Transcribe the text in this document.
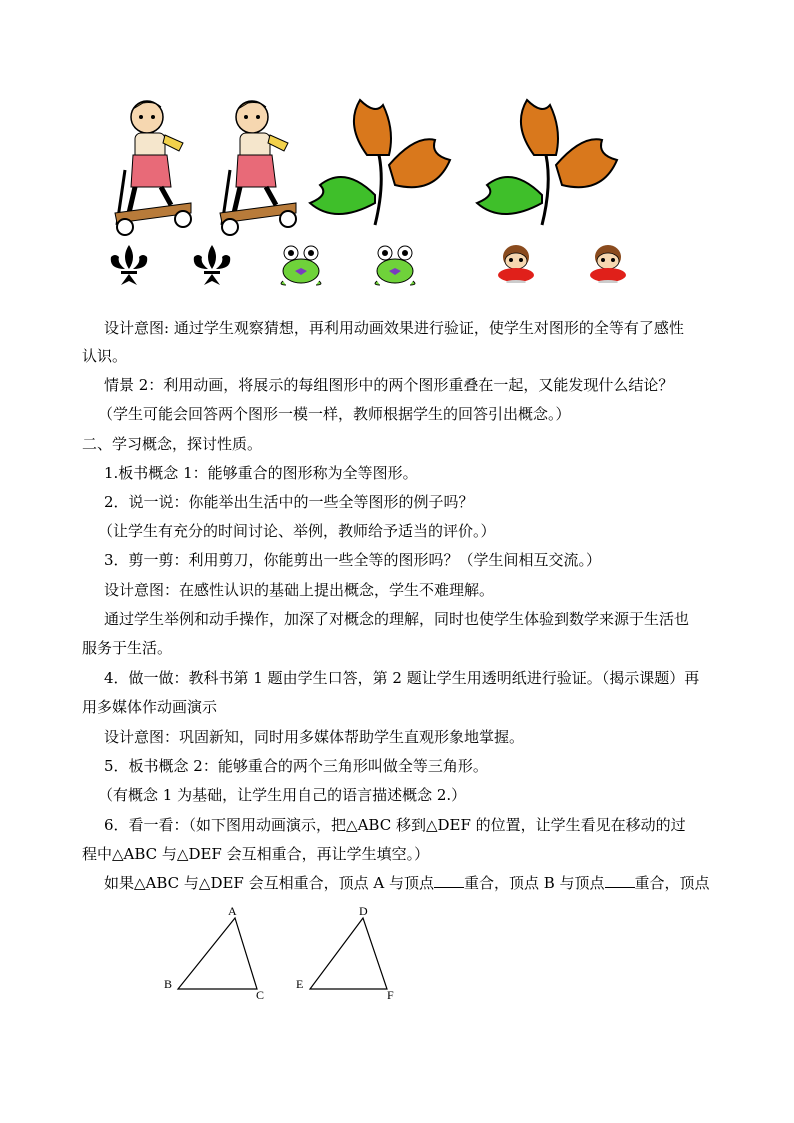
设计意图: 通过学生观察猜想，再利用动画效果进行验证，使学生对图形的全等有了感性
认识。
情景 2：利用动画，将展示的每组图形中的两个图形重叠在一起，又能发现什么结论？
（学生可能会回答两个图形一模一样，教师根据学生的回答引出概念。）
二、学习概念，探讨性质。
1.板书概念 1：能够重合的图形称为全等图形。
2．说一说：你能举出生活中的一些全等图形的例子吗？
（让学生有充分的时间讨论、举例，教师给予适当的评价。）
3．剪一剪：利用剪刀，你能剪出一些全等的图形吗？（学生间相互交流。）
设计意图：在感性认识的基础上提出概念，学生不难理解。
通过学生举例和动手操作，加深了对概念的理解，同时也使学生体验到数学来源于生活也
服务于生活。
4．做一做：教科书第 1 题由学生口答，第 2 题让学生用透明纸进行验证。（揭示课题）再
用多媒体作动画演示
设计意图：巩固新知，同时用多媒体帮助学生直观形象地掌握。
5．板书概念 2：能够重合的两个三角形叫做全等三角形。
（有概念 1 为基础，让学生用自己的语言描述概念 2.）
6．看一看：（如下图用动画演示，把△ABC 移到△DEF 的位置，让学生看见在移动的过
程中△ABC 与△DEF 会互相重合，再让学生填空。）
如果△ABC 与△DEF 会互相重合，顶点 A 与顶点 重合，顶点 B 与顶点 重合，顶点
A
B
C
D
E
F
